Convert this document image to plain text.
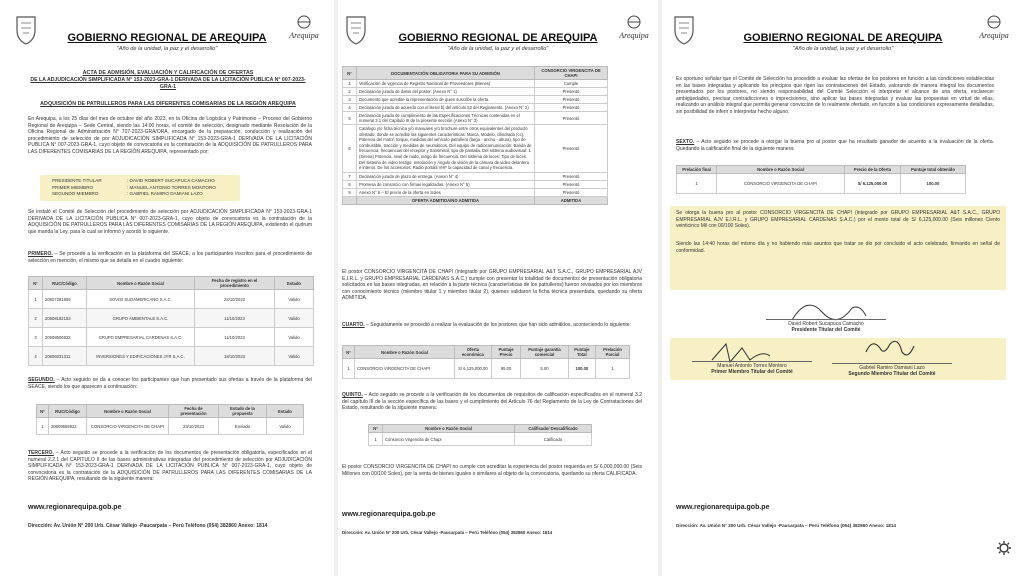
Arequipa
GOBIERNO REGIONAL DE AREQUIPA
"Año de la unidad, la paz y el desarrollo"
ACTA DE ADMISIÓN, EVALUACIÓN Y CALIFICACIÓN DE OFERTAS
DE LA ADJUDICACIÓN SIMPLIFICADA N° 153-2023-GRA-1 DERIVADA DE LA LICITACIÓN PUBLICA N° 007-2023-
GRA-1
ADQUISICIÓN DE PATRULLEROS PARA LAS DIFERENTES COMISARIAS DE LA REGIÓN AREQUIPA
En Arequipa, a los 25 días del mes de octubre del año 2023, en la Oficina de Logística y Patrimonio – Proceso del Gobierno Regional de Arequipa – Sede Central, siendo las 14:00 horas, el comité de selección, designado mediante Resolución de la Oficina Regional de Administración N° 707-2023-GRA/ORA, encargado de la preparación, conducción y realización del procedimiento de selección de por ADJUDICACIÓN SIMPLIFICADA N° 153-2023-GRA-1 DERIVADA DE LA LICITACIÓN PUBLICA N° 007-2023-GRA-1, cuyo objeto de convocatoria es la contratación de la ADQUISICIÓN DE PATRULLEROS PARA LAS DIFERENTES COMISARIAS DE LA REGIÓN AREQUIPA, representado por:
PRESIDENTE TITULAR	: DAVID ROBERT SUCAPUCA CAMACHO
PRIMER MIEMBRO	: MANUEL ANTONIO TORRES MONTORO
SEGUNDO MIEMBRO	: GABRIEL RAMIRO DAMIANI LAZO
Se instaló el Comité de Selección del procedimiento de selección por ADJUDICACIÓN SIMPLIFICADA N° 153-2023-GRA-1 DERIVADA DE LA LICITACIÓN PUBLICA N° 007-2023-GRA-1, cuyo objeto de convocatoria es la contratación de la ADQUISICIÓN DE PATRULLEROS PARA LAS DIFERENTES COMISARIAS DE LA REGIÓN AREQUIPA, existiendo el quórum que manda la Ley, para lo cual se informó y acordó lo siguiente.
PRIMERO. – Se procede a la verificación en la plataforma del SEACE, a los participantes inscritos para el procedimiento de selección en mención, el mismo que se detalla en el cuadro siguiente:
N°	RUC/Código	Nombre o Razón Social	Fecha de registro en el procedimiento	Estado
1	20607281859	SOVISI SUDAMERICANO S.A.C.	23/10/2023	Valido
2	20608182153	GRUPO AMBIENTALE S.A.C.	11/10/2023	Valido
3	20608506822	GRUPO EMPRESARIAL CARDENAS S.A.C.	11/10/2023	Valido
4	20606031311	INVERSIONES Y EDIFICACIONES JYR S.A.C.	18/10/2023	Valido
SEGUNDO. – Acto seguido se da a conocer los participantes que han presentado sus ofertas a través de la plataforma del SEACE, siendo los que aparecen a continuación:
N°	RUC/Código	Nombre o Razón Social	Fecha de presentación	Estado de la propuesta	Estado
1	20609559822	CONSORCIO VIRGENCITA DE CHAPI	23/10/2023	Enviado	Valido
TERCERO. – Acto seguido se procede a la verificación de los documentos de presentación obligatoria, especificados en el numeral 2.2.1 del CAPITULO II de las bases administrativas integradas del procedimiento de selección por ADJUDICACIÓN SIMPLIFICADA N° 153-2023-GRA-1 DERIVADA DE LA LICITACIÓN PUBLICA N° 007-2023-GRA-1, cuyo objeto de convocatoria es la contratación de la ADQUISICIÓN DE PATRULLEROS PARA LAS DIFERENTES COMISARIAS DE LA REGIÓN AREQUIPA, resultando de la siguiente manera:
www.regionarequipa.gob.pe
Dirección: Av. Unión N° 200 Urb. César Vallejo -Paucarpata – Perú Teléfono (054) 382860 Anexo: 1814
Arequipa
GOBIERNO REGIONAL DE AREQUIPA
"Año de la unidad, la paz y el desarrollo"
N°	DOCUMENTACIÓN OBLIGATORIA PARA SU ADMISIÓN	CONSORCIO VIRGENCITA DE CHAPI
1	Verificación de vigencia de Registro Nacional de Proveedores (Bienes)	Cumple
2	Declaración jurada de datos del postor. (Anexo N° 1)	Presentó
3	Documento que acredite la representación de quien suscribe la oferta.	Presentó
4	Declaración jurada de acuerdo con el literal b) del artículo 52 del Reglamento. (Anexo N° 2)	Presentó
5	Declaración jurada de cumplimiento de las Especificaciones Técnicas contenidas en el numeral 3.1 del Capítulo III de la presente sección (Anexo N° 3)	Presentó
6	Catálogo y/o ficha técnica y/o manuales y/o brochure entre otros equivalentes del producto ofertado, donde se acredite las siguientes características: Marca, Modelo, cilindrada (cc), Potencia del motor, torque, medidas del vehículo patrullero (largo - ancho - altura), tipo de combustible, tracción y medidas de neumáticos. Del equipo de radiocomunicación: Banda de frecuencia, frecuencias del receptor y transmisor, tipo de pantalla. Del sistema audiovisual: 1 (Sirena) Potencia, nivel de ruido, rango de frecuencia. Del sistema de luces: Tipo de luces. Del sistema de video testigo: resolución y Ángulo de visión de la cámara de video delantera e interior. De los accesorios: Radio portátil VHF la capacidad de canal y frecuencia.	Presentó
7	Declaración jurada de plazo de entrega. (Anexo N° 4)	Presentó
8	Promesa de consorcio con firmas legalizadas. (Anexo N° 5)	Presentó
9	Anexo N° 6 – El precio de la oferta en Soles	Presentó
	OFERTA ADMITIDA/NO ADMITIDA	ADMITIDA
El postor CONSORCIO VIRGENCITA DE CHAPI (integrado por GRUPO EMPRESARIAL A&T S.A.C., GRUPO EMPRESARIAL AJV E.I.R.L. y GRUPO EMPRESARIAL CARDENAS S.A.C.) cumple con presentar la totalidad de documentos de presentación obligatoria solicitados en las bases integradas, en relación a la parte técnica (características de los patrulleros) fueron revisados por los miembros con conocimiento técnico (miembro titular 1 y miembro titular 2), quienes validaron la ficha técnica presentada, quedando su oferta ADMITIDA.
CUARTO. – Seguidamente se procedió a realizar la evaluación de los postores que han sido admitidos, aconteciendo lo siguiente:
N°	Nombre o Razón Social	Oferta económica	Puntaje Precio	Puntaje garantía comercial	Puntaje Total	Prelación Parcial
1	CONSORCIO VIRGENCITA DE CHAPI	S/ 6,125,000.00	95.00	5.00	100.00	1
QUINTO. – Acto seguido se procede a la verificación de los documentos de requisitos de calificación especificados en el numeral 3.2 del capítulo III de la sección específica de las bases y el cumplimiento del Artículo 76 del Reglamento de la Ley de Contrataciones del Estado, resultando de la siguiente manera:
N°	Nombre o Razón Social	Calificado/ Descalificado
1	Consorcio Virgencita de Chapi	Calificado
El postor CONSORCIO VIRGENCITA DE CHAPI no cumple con acreditar la experiencia del postor requerida en S/ 6,000,000.00 (Seis Millones con 00/100 Soles), por la venta de bienes iguales o similares al objeto de la convocatoria, quedando su oferta CALIFICADA.
www.regionarequipa.gob.pe
Dirección: Av. Unión N° 200 Urb. César Vallejo -Paucarpata – Perú Teléfono (054) 382860 Anexo: 1814
Arequipa
GOBIERNO REGIONAL DE AREQUIPA
"Año de la unidad, la paz y el desarrollo"
Es oportuno señalar que el Comité de Selección ha procedido a evaluar las ofertas de los postores en función a las condiciones establecidas en las bases integradas y aplicando los principios que rigen las contrataciones del Estado, valorando de manera integral los documentos presentados por los postores, no siendo responsabilidad del Comité Selección el interpretar el alcance de una oferta, esclarecer ambigüedades, precisar contradicciones o imprecisiones, sino aplicar las bases integradas y evaluar las propuestas en virtud de ellas, realizando un análisis integral que permita generar convicción de lo realmente ofertado, en función a las condiciones expresamente detalladas, sin posibilidad de inferir o interpretar hecho alguno.
SEXTO. – Acto seguido se procede a otorgar la buena pro al postor que ha resultado ganador de acuerdo a la evaluación de la oferta. Quedando la calificación final de la siguiente manera:
Prelación final	Nombre o Razón Social	Precio de la Oferta	Puntaje total obtenido
1	CONSORCIO VIRGENCITA DE CHAPI	S/ 6,125,000.00	100.00
Se otorga la buena pro al postor CONSORCIO VIRGENCITA DE CHAPI (integrado por GRUPO EMPRESARIAL A&T S.A.C., GRUPO EMPRESARIAL AJV E.I.R.L. y GRUPO EMPRESARIAL CARDENAS S.A.C.) por el monto total de S/ 6,125,000.00 (Seis millones Ciento veinticinco Mil con 00/100 Soles).
Siendo las 14:40 horas del mismo día y no habiendo más asuntos que tratar se dio por concluido el acto celebrado, firmando en señal de conformidad.
David Robert Sucapuca Camacho
Presidente Titular del Comité
Manuel Antonio Torres Montoro
Primer Miembro Titular del Comité
Gabriel Ramiro Damiani Lazo
Segundo Miembro Titular del Comité
www.regionarequipa.gob.pe
Dirección: Av. Unión N° 200 Urb. César Vallejo -Paucarpata – Perú Teléfono (054) 382860 Anexo: 1814
